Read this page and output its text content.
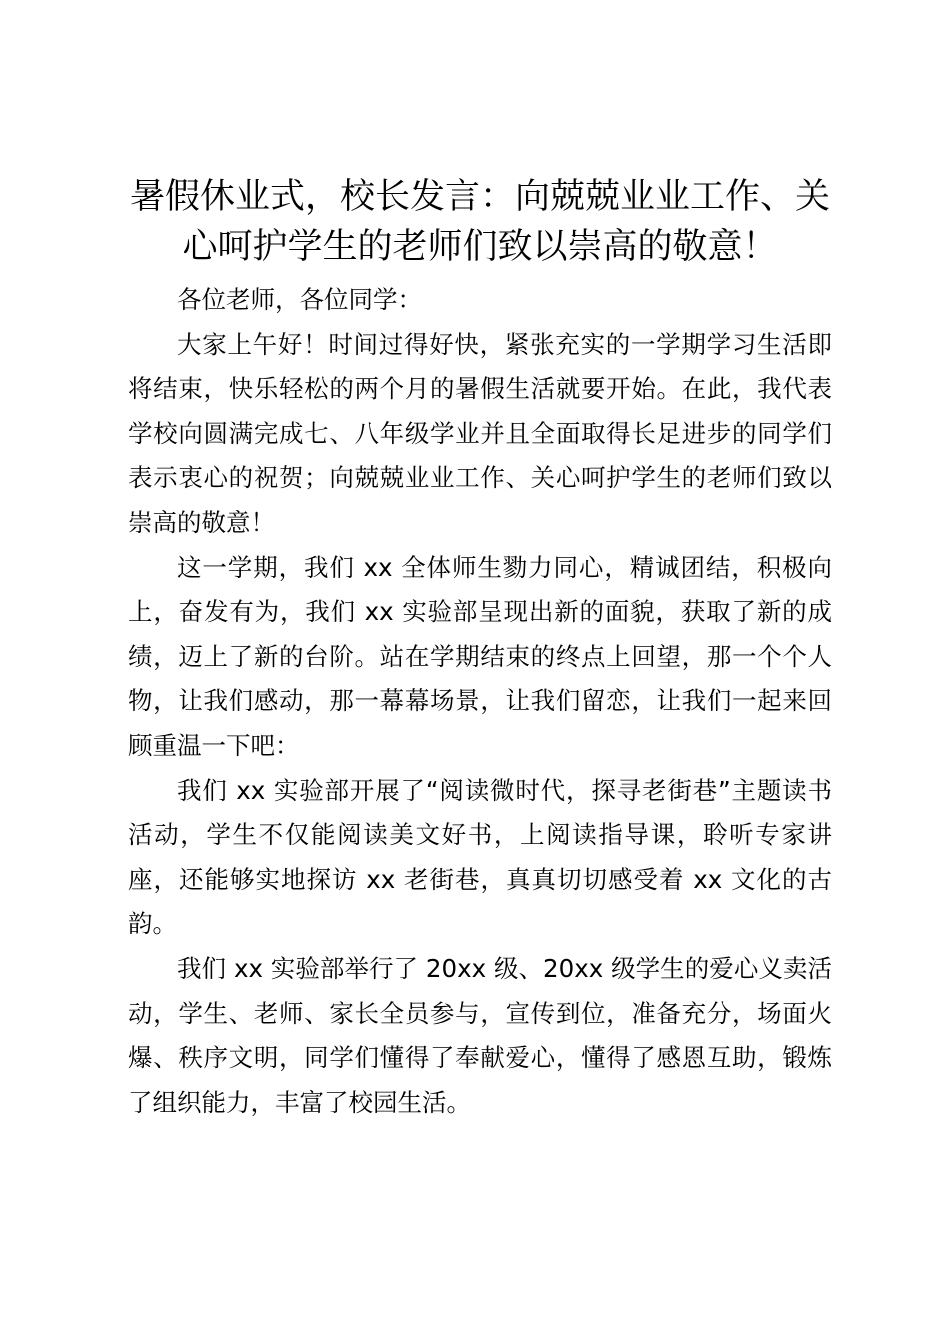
暑假休业式，校长发言：向兢兢业业工作、关心呵护学生的老师们致以崇高的敬意！

各位老师，各位同学：

大家上午好！时间过得好快，紧张充实的一学期学习生活即将结束，快乐轻松的两个月的暑假生活就要开始。在此，我代表学校向圆满完成七、八年级学业并且全面取得长足进步的同学们表示衷心的祝贺；向兢兢业业工作、关心呵护学生的老师们致以崇高的敬意！

这一学期，我们 xx 全体师生勠力同心，精诚团结，积极向上，奋发有为，我们 xx 实验部呈现出新的面貌，获取了新的成绩，迈上了新的台阶。站在学期结束的终点上回望，那一个个人物，让我们感动，那一幕幕场景，让我们留恋，让我们一起来回顾重温一下吧：

我们 xx 实验部开展了“阅读微时代，探寻老街巷”主题读书活动，学生不仅能阅读美文好书，上阅读指导课，聆听专家讲座，还能够实地探访 xx 老街巷，真真切切感受着 xx 文化的古韵。

我们 xx 实验部举行了 20xx 级、20xx 级学生的爱心义卖活动，学生、老师、家长全员参与，宣传到位，准备充分，场面火爆、秩序文明，同学们懂得了奉献爱心，懂得了感恩互助，锻炼了组织能力，丰富了校园生活。
